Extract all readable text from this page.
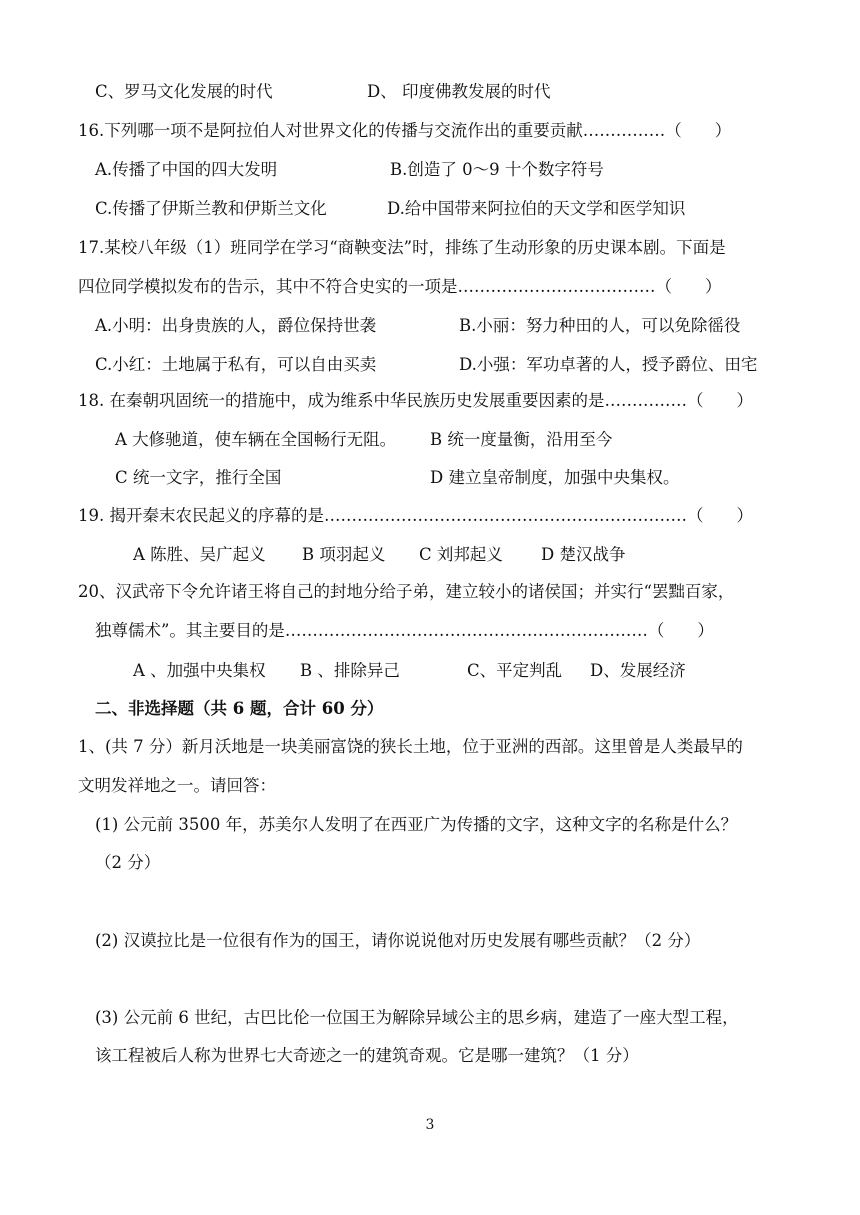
C、罗马文化发展的时代	D、 印度佛教发展的时代
16.下列哪一项不是阿拉伯人对世界文化的传播与交流作出的重要贡献……………（　　）
A.传播了中国的四大发明	B.创造了 0～9 十个数字符号
C.传播了伊斯兰教和伊斯兰文化	D.给中国带来阿拉伯的天文学和医学知识
17.某校八年级（1）班同学在学习“商鞅变法”时，排练了生动形象的历史课本剧。下面是
四位同学模拟发布的告示，其中不符合史实的一项是………………………………（　　）
A.小明：出身贵族的人，爵位保持世袭	B.小丽：努力种田的人，可以免除徭役
C.小红：土地属于私有，可以自由买卖	D.小强：军功卓著的人，授予爵位、田宅
18. 在秦朝巩固统一的措施中，成为维系中华民族历史发展重要因素的是……………（　　）
A 大修驰道，使车辆在全国畅行无阻。 B 统一度量衡，沿用至今
C 统一文字，推行全国	D 建立皇帝制度，加强中央集权。
19. 揭开秦末农民起义的序幕的是…………………………………………………………（　　）
A 陈胜、吴广起义 B 项羽起义 C 刘邦起义 D 楚汉战争
20、汉武帝下令允许诸王将自己的封地分给子弟，建立较小的诸侯国；并实行“罢黜百家，
独尊儒术”。其主要目的是…………………………………………………………（　　）
A 、加强中央集权 B 、排除异己	C、平定判乱 D、发展经济
二、非选择题（共 6 题，合计 60 分）
1、(共 7 分）新月沃地是一块美丽富饶的狭长土地，位于亚洲的西部。这里曾是人类最早的
文明发祥地之一。请回答：
(1) 公元前 3500 年，苏美尔人发明了在西亚广为传播的文字，这种文字的名称是什么？
（2 分）
(2) 汉谟拉比是一位很有作为的国王，请你说说他对历史发展有哪些贡献？（2 分）
(3) 公元前 6 世纪，古巴比伦一位国王为解除异域公主的思乡病，建造了一座大型工程，
该工程被后人称为世界七大奇迹之一的建筑奇观。它是哪一建筑？（1 分）
3
